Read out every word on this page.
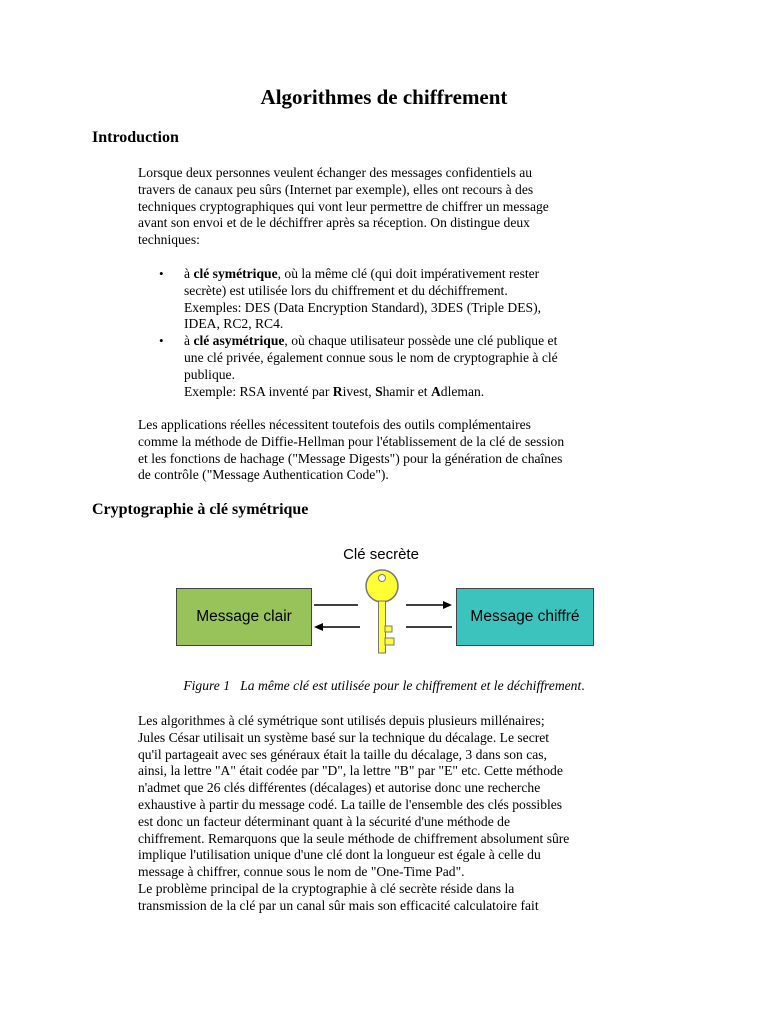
Algorithmes de chiffrement
Introduction

Lorsque deux personnes veulent échanger des messages confidentiels au
travers de canaux peu sûrs (Internet par exemple), elles ont recours à des
techniques cryptographiques qui vont leur permettre de chiffrer un message
avant son envoi et de le déchiffrer après sa réception. On distingue deux
techniques:

• à clé symétrique, où la même clé (qui doit impérativement rester
secrète) est utilisée lors du chiffrement et du déchiffrement.
Exemples: DES (Data Encryption Standard), 3DES (Triple DES),
IDEA, RC2, RC4.
• à clé asymétrique, où chaque utilisateur possède une clé publique et
une clé privée, également connue sous le nom de cryptographie à clé
publique.
Exemple: RSA inventé par Rivest, Shamir et Adleman.

Les applications réelles nécessitent toutefois des outils complémentaires
comme la méthode de Diffie-Hellman pour l'établissement de la clé de session
et les fonctions de hachage ("Message Digests") pour la génération de chaînes
de contrôle ("Message Authentication Code").

Cryptographie à clé symétrique
Clé secrète
Message clair	Message chiffré

Figure 1 La même clé est utilisée pour le chiffrement et le déchiffrement.

Les algorithmes à clé symétrique sont utilisés depuis plusieurs millénaires;
Jules César utilisait un système basé sur la technique du décalage. Le secret
qu'il partageait avec ses généraux était la taille du décalage, 3 dans son cas,
ainsi, la lettre "A" était codée par "D", la lettre "B" par "E" etc. Cette méthode
n'admet que 26 clés différentes (décalages) et autorise donc une recherche
exhaustive à partir du message codé. La taille de l'ensemble des clés possibles
est donc un facteur déterminant quant à la sécurité d'une méthode de
chiffrement. Remarquons que la seule méthode de chiffrement absolument sûre
implique l'utilisation unique d'une clé dont la longueur est égale à celle du
message à chiffrer, connue sous le nom de "One-Time Pad".
Le problème principal de la cryptographie à clé secrète réside dans la
transmission de la clé par un canal sûr mais son efficacité calculatoire fait
